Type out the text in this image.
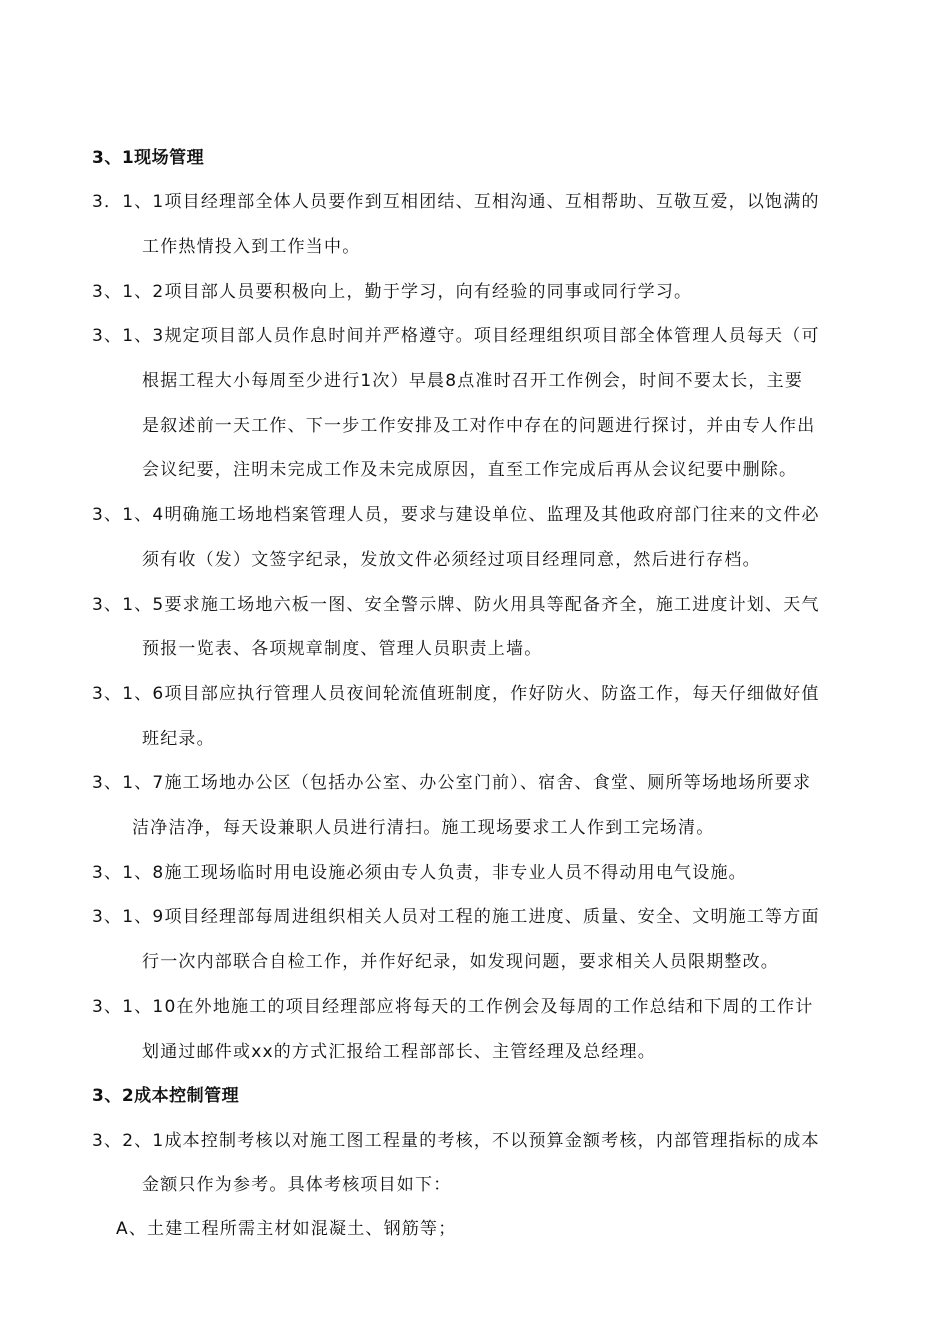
3、1现场管理
3．1、1项目经理部全体人员要作到互相团结、互相沟通、互相帮助、互敬互爱，以饱满的
工作热情投入到工作当中。
3、1、2项目部人员要积极向上，勤于学习，向有经验的同事或同行学习。
3、1、3规定项目部人员作息时间并严格遵守。项目经理组织项目部全体管理人员每天（可
根据工程大小每周至少进行1次）早晨8点准时召开工作例会，时间不要太长，主要
是叙述前一天工作、下一步工作安排及工对作中存在的问题进行探讨，并由专人作出
会议纪要，注明未完成工作及未完成原因，直至工作完成后再从会议纪要中删除。
3、1、4明确施工场地档案管理人员，要求与建设单位、监理及其他政府部门往来的文件必
须有收（发）文签字纪录，发放文件必须经过项目经理同意，然后进行存档。
3、1、5要求施工场地六板一图、安全警示牌、防火用具等配备齐全，施工进度计划、天气
预报一览表、各项规章制度、管理人员职责上墙。
3、1、6项目部应执行管理人员夜间轮流值班制度，作好防火、防盗工作，每天仔细做好值
班纪录。
3、1、7施工场地办公区（包括办公室、办公室门前）、宿舍、食堂、厕所等场地场所要求
洁净洁净，每天设兼职人员进行清扫。施工现场要求工人作到工完场清。
3、1、8施工现场临时用电设施必须由专人负责，非专业人员不得动用电气设施。
3、1、9项目经理部每周进组织相关人员对工程的施工进度、质量、安全、文明施工等方面
行一次内部联合自检工作，并作好纪录，如发现问题，要求相关人员限期整改。
3、1、10在外地施工的项目经理部应将每天的工作例会及每周的工作总结和下周的工作计
划通过邮件或xx的方式汇报给工程部部长、主管经理及总经理。
3、2成本控制管理
3、2、1成本控制考核以对施工图工程量的考核，不以预算金额考核，内部管理指标的成本
金额只作为参考。具体考核项目如下：
A、土建工程所需主材如混凝土、钢筋等；
